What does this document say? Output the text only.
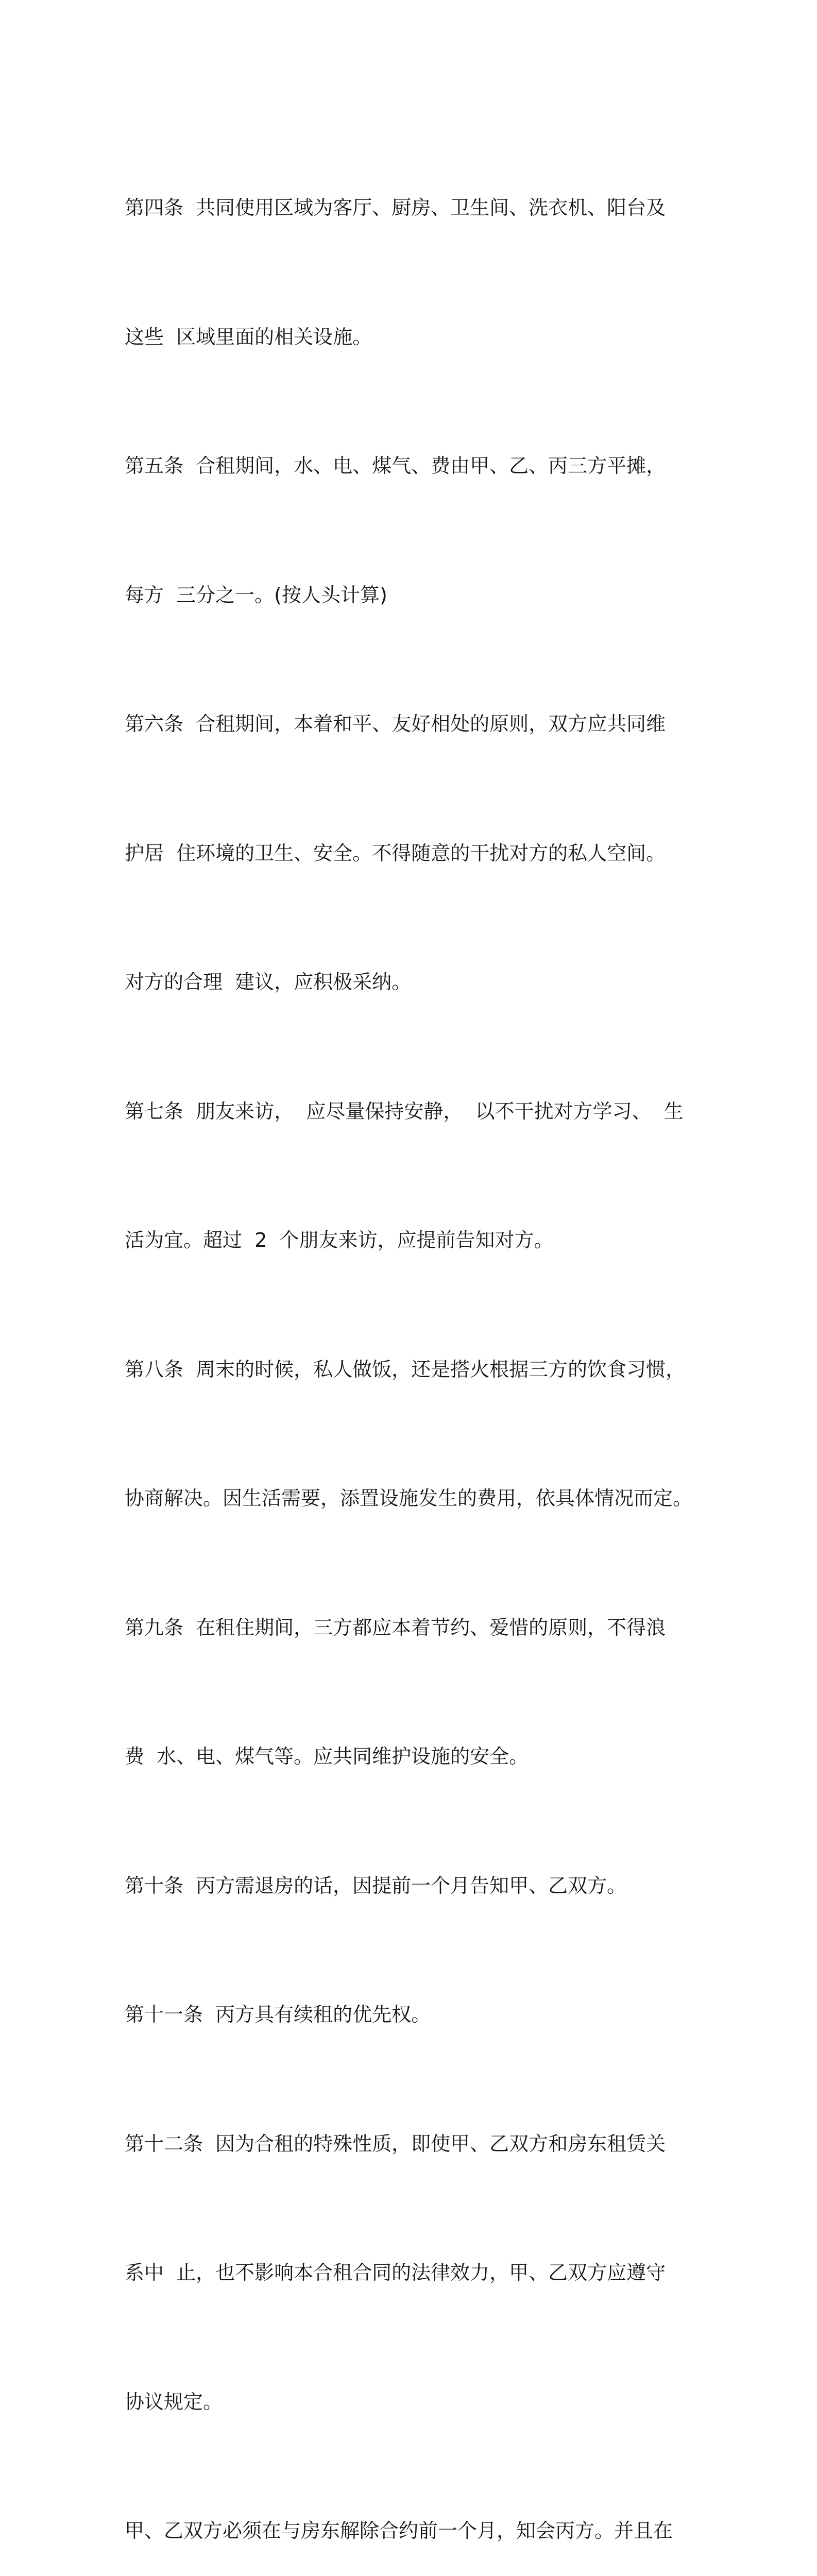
第四条  共同使用区域为客厅、厨房、卫生间、洗衣机、阳台及

这些  区域里面的相关设施。

第五条  合租期间，水、电、煤气、费由甲、乙、丙三方平摊，

每方  三分之一。(按人头计算)

第六条  合租期间，本着和平、友好相处的原则，双方应共同维

护居  住环境的卫生、安全。不得随意的干扰对方的私人空间。

对方的合理  建议，应积极采纳。

第七条  朋友来访，  应尽量保持安静，  以不干扰对方学习、  生

活为宜。超过  2  个朋友来访，应提前告知对方。

第八条  周末的时候，私人做饭，还是搭火根据三方的饮食习惯，

协商解决。因生活需要，添置设施发生的费用，依具体情况而定。

第九条  在租住期间，三方都应本着节约、爱惜的原则，不得浪

费  水、电、煤气等。应共同维护设施的安全。

第十条  丙方需退房的话，因提前一个月告知甲、乙双方。

第十一条  丙方具有续租的优先权。

第十二条  因为合租的特殊性质，即使甲、乙双方和房东租赁关

系中  止，也不影响本合租合同的法律效力，甲、乙双方应遵守

协议规定。

甲、乙双方必须在与房东解除合约前一个月，知会丙方。并且在
